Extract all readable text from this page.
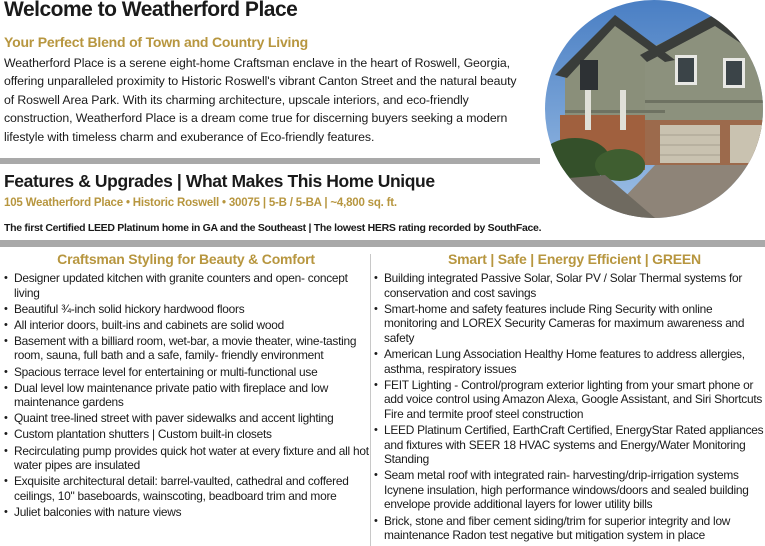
Welcome to Weatherford Place
Your Perfect Blend of Town and Country Living

Weatherford Place is a serene eight-home Craftsman enclave in the heart of Roswell, Georgia, offering unparalleled proximity to Historic Roswell's vibrant Canton Street and the natural beauty of Roswell Area Park. With its charming architecture, upscale interiors, and eco-friendly construction, Weatherford Place is a dream come true for discerning buyers seeking a modern lifestyle with timeless charm and exuberance of Eco-friendly features.

Features & Upgrades | What Makes This Home Unique

105 Weatherford Place • Historic Roswell • 30075 | 5-B / 5-BA | ~4,800 sq. ft.

The first Certified LEED Platinum home in GA and the Southeast | The lowest HERS rating recorded by SouthFace.

Craftsman Styling for Beauty & Comfort
• Designer updated kitchen with granite counters and open- concept living
• Beautiful ¾-inch solid hickory hardwood floors
• All interior doors, built-ins and cabinets are solid wood
• Basement with a billiard room, wet-bar, a movie theater, wine-tasting room, sauna, full bath and a safe, family- friendly environment
• Spacious terrace level for entertaining or multi-functional use
• Dual level low maintenance private patio with fireplace and low maintenance gardens
• Quaint tree-lined street with paver sidewalks and accent lighting
• Custom plantation shutters | Custom built-in closets
• Recirculating pump provides quick hot water at every fixture and all hot water pipes are insulated
• Exquisite architectural detail: barrel-vaulted, cathedral and coffered ceilings, 10" baseboards, wainscoting, beadboard trim and more
• Juliet balconies with nature views
Smart | Safe | Energy Efficient | GREEN
• Building integrated Passive Solar, Solar PV / Solar Thermal systems for conservation and cost savings
• Smart-home and safety features include Ring Security with online monitoring and LOREX Security Cameras for maximum awareness and safety
• American Lung Association Healthy Home features to address allergies, asthma, respiratory issues
• FEIT Lighting - Control/program exterior lighting from your smart phone or add voice control using Amazon Alexa, Google Assistant, and Siri Shortcuts Fire and termite proof steel construction
• LEED Platinum Certified, EarthCraft Certified, EnergyStar Rated appliances and fixtures with SEER 18 HVAC systems and Energy/Water Monitoring Standing
• Seam metal roof with integrated rain- harvesting/drip-irrigation systems Icynene insulation, high performance windows/doors and sealed building envelope provide additional layers for lower utility bills
• Brick, stone and fiber cement siding/trim for superior integrity and low maintenance Radon test negative but mitigation system in place
